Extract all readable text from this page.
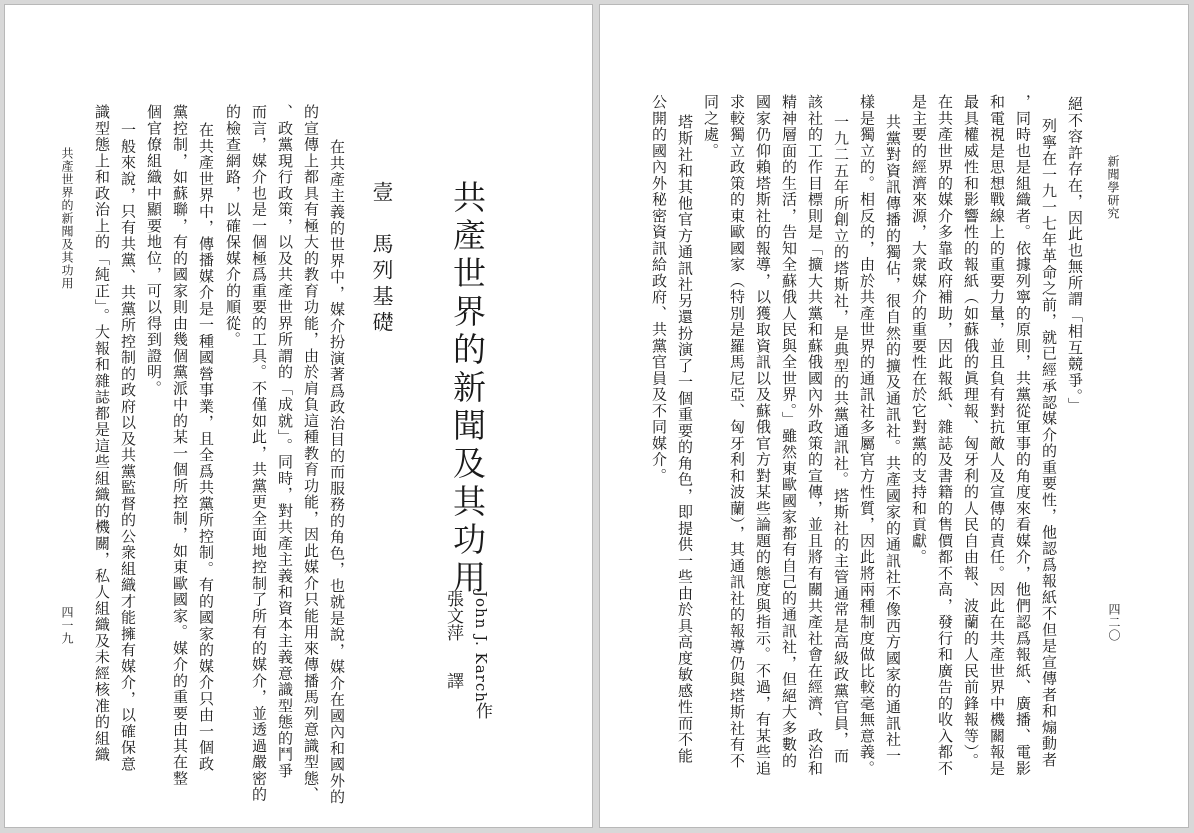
共產世界的新聞及其功用
四一九 識型態上和政治上的「純正」。大報和雜誌都是這些組織的機關，私人組織及未經核准的組織 一般來說，只有共黨、共黨所控制的政府以及共黨監督的公衆組織才能擁有媒介，以確保意 個官僚組織中顯要地位，可以得到證明。 黨控制，如蘇聯，有的國家則由幾個黨派中的某一個所控制，如東歐國家。媒介的重要由其在整 在共產世界中，傳播媒介是一種國營事業，且全爲共黨所控制。有的國家的媒介只由一個政 的檢查網路，以確保媒介的順從。 而言，媒介也是一個極爲重要的工具。不僅如此，共黨更全面地控制了所有的媒介，並透過嚴密的 、政黨現行政策，以及共產世界所謂的「成就」。同時，對共產主義和資本主義意識型態的鬥爭 的宣傳上都具有極大的教育功能，由於肩負這種教育功能，因此媒介只能用來傳播馬列意識型態、 在共產主義的世界中，媒介扮演著爲政治目的而服務的角色，也就是說，媒介在國內和國外的 壹　馬列基礎 共產世界的新聞及其功用
張文萍
譯 John J. Karch
作
新聞學研究
四二〇
絕不容許存在，因此也無所謂「相互競爭。」
列寧在一九一七年革命之前，就已經承認媒介的重要性，他認爲報紙不但是宣傳者和煽動者
，同時也是組織者。依據列寧的原則，共黨從軍事的角度來看媒介，他們認爲報紙、廣播、電影
和電視是思想戰線上的重要力量，並且負有對抗敵人及宣傳的責任。因此在共產世界中機關報是
最具權威性和影響性的報紙（如蘇俄的眞理報、匈牙利的人民自由報、波蘭的人民前鋒報等）。
在共產世界的媒介多靠政府補助，因此報紙、雜誌及書籍的售價都不高，發行和廣告的收入都不
是主要的經濟來源，大衆媒介的重要性在於它對黨的支持和貢獻。
共黨對資訊傳播的獨佔，很自然的擴及通訊社。共產國家的通訊社不像西方國家的通訊社一
樣是獨立的。相反的，由於共產世界的通訊社多屬官方性質，因此將兩種制度做比較毫無意義。
一九二五年所創立的塔斯社，是典型的共黨通訊社。塔斯社的主管通常是高級政黨官員，而
該社的工作目標則是「擴大共黨和蘇俄國內外政策的宣傳，並且將有關共產社會在經濟、政治和
精神層面的生活，告知全蘇俄人民與全世界。」雖然東歐國家都有自己的通訊社，但絕大多數的
國家仍仰賴塔斯社的報導，以獲取資訊以及蘇俄官方對某些論題的態度與指示。不過，有某些追
求較獨立政策的東歐國家（特別是羅馬尼亞、匈牙利和波蘭），其通訊社的報導仍與塔斯社有不
同之處。
塔斯社和其他官方通訊社另還扮演了一個重要的角色，即提供一些由於具高度敏感性而不能
公開的國內外秘密資訊給政府、共黨官員及不同媒介。
